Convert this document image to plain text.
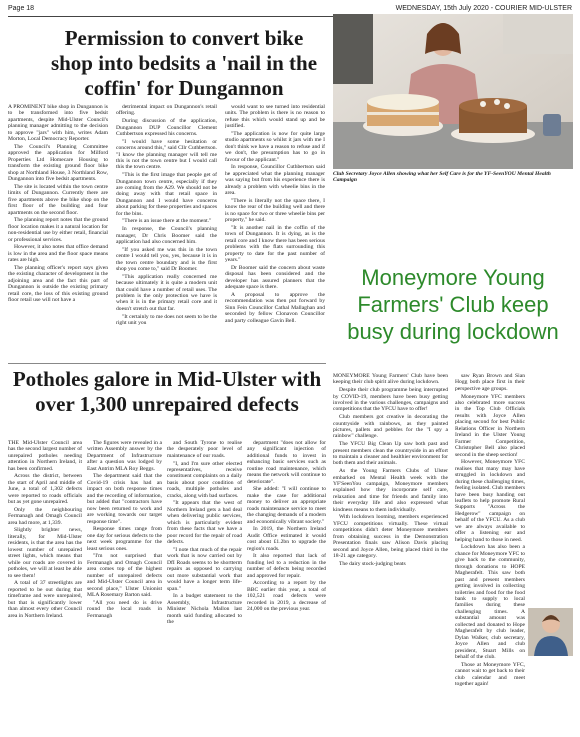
Page 18	WEDNESDAY, 15th July 2020 - COURIER MID-ULSTER
Permission to convert bike shop into bedsits a 'nail in the coffin' for Dungannon

A PROMINENT bike shop in Dungannon is to be transformed into five bedsit apartments, despite Mid-Ulster Council's planning manager admitting to the decision to approve "jars" with him, writes Adam Morton, Local Democracy Reporter.

The Council's Planning Committee approved the application for Milford Properties Ltd Homecare Housing to transform the existing ground floor bike shop at Northland House, 3 Northland Row, Dungannon into five bedsit apartments.

The site is located within the town centre limits of Dungannon. Currently there are five apartments above the bike shop on the first floor of the building and four apartments on the second floor.

The planning report notes that the ground floor location makes it a natural location for non-residential use by either retail, financial or professional services.

However, it also notes that office demand is low in the area and the floor space means rates are high.

The planning officer's report says given the existing character of development in the adjoining area and the fact this part of Dungannon is outside the existing primary retail core, the loss of this existing ground floor retail use will not have a

detrimental impact on Dungannon's retail offering.

During discussion of the application, Dungannon DUP Councillor Clement Cuthbertson expressed his concerns.

"I would have some hesitation or concerns around this," said Cllr Cuthbertson. "I know the planning manager will tell me this is not the town centre but I would call this the town centre.

"This is the first image that people get of Dungannon town centre, especially if they are coming from the A29. We should not be doing away with that retail space in Dungannon and I would have concerns about parking for these properties and spaces for the bins.

"There is an issue there at the moment."

In response, the Council's planning manager, Dr Chris Boomer said the application had also concerned him.

"If you asked me was this in the town centre I would tell you, yes, because it is in the town centre boundary and is the first shop you come to," said Dr Boomer.

"This application really concerned me because ultimately it is quite a modern unit that could have a number of retail uses. The problem is the only protection we have is when it is in the primary retail core and it doesn't stretch out that far.

"It certainly to me does not seem to be the right unit you

would want to see turned into residential units. The problem is there is no reason to refuse this which would stand up and be justified.

"The application is now for quite large studio apartments so whilst it jars with me I don't think we have a reason to refuse and if we don't, the presumption has to go in favour of the applicant."

In response, Councillor Cuthbertson said he appreciated what the planning manager was saying but from his experience there is already a problem with wheelie bins in the area.

"There is literally not the space there, I know the rear of the building well and there is no space for two or three wheelie bins per property," he said.

"It is another nail in the coffin of the town of Dungannon. It is dying, as is the retail core and I know there has been serious problems with the flats surrounding this property to date for the past number of years."

Dr Boomer said the concern about waste disposal has been considered and the developer has assured planners that the adequate space is there.

A proposal to approve the recommendation was then put forward by Sinn Fein Councillor Cathal Mallaghan and seconded by fellow Clonavon Councillor and party colleague Gavin Bell.

Club Secretary Joyce Allen showing what her Self Care is for the YF-SeenYOU Mental Health Campaign
Moneymore Young Farmers' Club keep busy during lockdown
Potholes galore in Mid-Ulster with over 1,300 unrepaired defects

THE Mid-Ulster Council area has the second largest number of unrepaired potholes needing attention in Northern Ireland, it has been confirmed.

Across the district, between the start of April and middle of June, a total of 1,302 defects were reported to roads officials but as yet gone unrepaired.

Only the neighbouring Fermanagh and Omagh Council area had more, at 1,339.

Slightly brighter news, literally, for Mid-Ulster residents, is that the area has the lowest number of unrepaired street lights, which means that while our roads are covered in potholes, we will at least be able to see them!

A total of 37 streetlights are reported to be out during that timeframe and were unrepaired, but that is significantly lower than almost every other Council area in Northern Ireland.

The figures were revealed in a written Assembly answer by the Department of Infrastructure after a question was lodged by East Antrim MLA Roy Beggs.

The department said that the Covid-19 crisis has had an impact on both response times and the recording of information, but added that "contractors have now been returned to work and are working towards our target response time".

Response times range from one day for serious defects to the next week programme for the least serious ones.

"I'm not surprised that Fermanagh and Omagh Council area comes top of the highest number of unrepaired defects and Mid-Ulster Council area in second place," Ulster Unionist MLA Rosemary Barton said.

"All you need do is drive round the local roads in Fermanagh

and South Tyrone to realise the desperately poor level of maintenance of our roads.

"I, and I'm sure other elected representatives, receive constituent complaints on a daily basis about poor condition of roads, multiple potholes and cracks, along with bad surfaces.

"It appears that the west of Northern Ireland gets a bad deal when delivering public services, which is particularly evident from these facts that we have a poor record for the repair of road defects.

"I note that much of the repair work that is now carried out by DfI Roads seems to be shortterm repairs as opposed to carrying out more substantial work that would have a longer term life-span."

In a budget statement to the Assembly, Infrastructure Minister Nichola Mallon last month said funding allocated to the

department "does not allow for any significant injection of additional funds to invest in enhancing basic services such as routine road maintenance, which means the network will continue to deteriorate".

She added: "I will continue to make the case for additional money to deliver an appropriate roads maintenance service to meet the changing demands of a modern and economically vibrant society."

In 2019, the Northern Ireland Audit Office estimated it would cost about £1.2bn to upgrade the region's roads.

It also reported that lack of funding led to a reduction in the number of defects being recorded and approved for repair.

According to a report by the BBC earlier this year, a total of 102,521 road defects were recorded in 2019, a decrease of 24,000 on the previous year.

MONEYMORE Young Farmers' Club have been keeping their club spirit alive during lockdown.

Despite their club programme being interrupted by COVID-19, members have been busy getting involved in the various challenges, campaigns and competitions that the YFCU have to offer!

Club members got creative in decorating the countryside with rainbows, as they painted pictures, pallets and pebbles for the "I spy a rainbow" challenge.

The YFCU Big Clean Up saw both past and present members clean the countryside in an effort to maintain a cleaner and healthier environment for both them and their animals.

As the Young Farmers Clubs of Ulster embarked on Mental Health week with the YF'SeenYou campaign, Moneymore members explained how they incorporate self care, relaxation and time for friends and family into their everyday life and also expressed what kindness means to them individually.

With lockdown looming, members experienced YFCU competitions virtually. These virtual competitions didn't deter Moneymore members from obtaining success in the Demonstration Presentation finals saw Alison Davis placing second and Joyce Allen, being placed third in the 18-21 age category.

The dairy stock-judging beats

saw Ryan Brown and Sian Hogg both place first in their perspective age groups.

Moneymore YFC members also celebrated more success in the Top Club Officials results with Joyce Allen placing second for best Public Relations Officer in Northern Ireland in the Ulster Young Farmer Competition, Christopher Bell also placed second in the sheep section!

However, Moneymore YFC realises that many may have struggled in lockdown and during these challenging times, feeling isolated. Club members have been busy handing out leaflets to help promote Rural Supports "Across the Hedgerow" campaign on behalf of the YFCU. As a club we are always available to offer a listening ear and helping hand to those in need.

Lockdown has also been a chance for Moneymore YFC to give back to the community, through donations to HOPE Magherafelt. This saw both past and present members getting involved in collecting toiletries and food for the food bank to supply to local families during these challenging times. A substantial amount was collected and donated to Hope Magherafelt by club leader, Dylan Walker, club secretary, Joyce Allen and club president, Stuart Mills on behalf of the club.

Those at Moneymore YFC, cannot wait to get back to their club calendar and meet together again!
